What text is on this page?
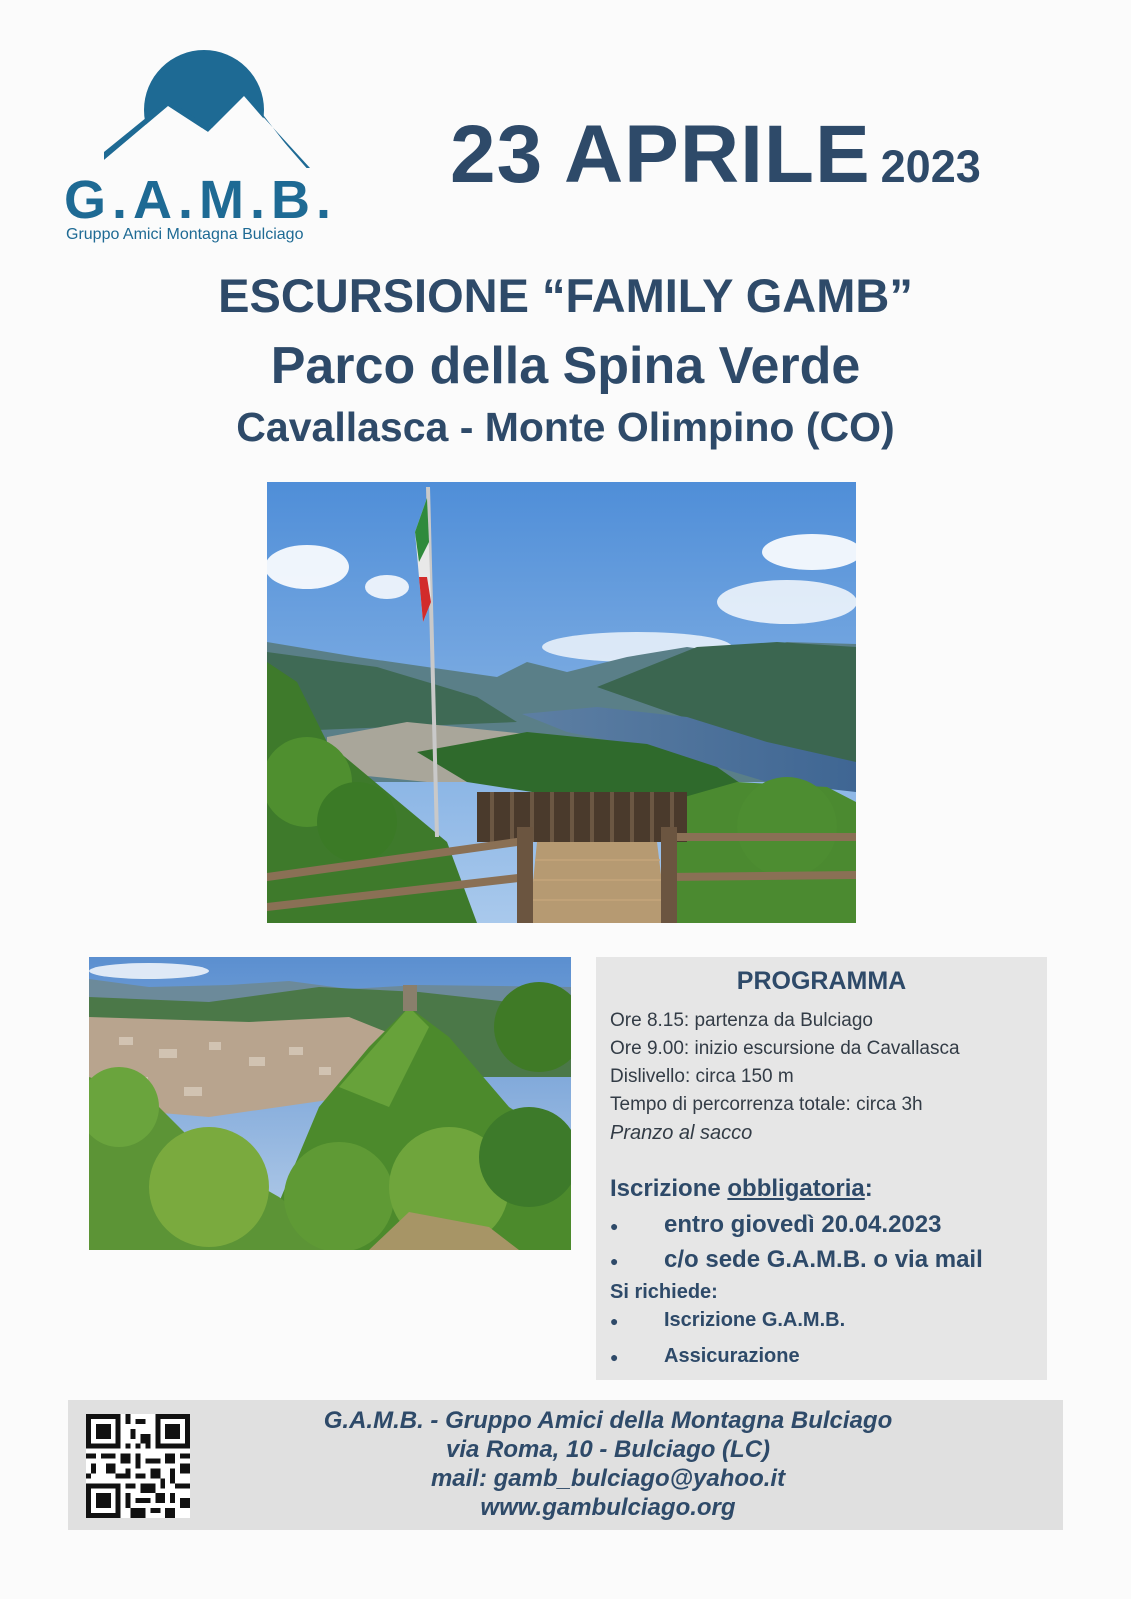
G.A.M.B.
Gruppo Amici Montagna Bulciago
23 APRILE 2023
ESCURSIONE “FAMILY GAMB”
Parco della Spina Verde
Cavallasca - Monte Olimpino (CO)
PROGRAMMA
Ore 8.15: partenza da Bulciago
Ore 9.00: inizio escursione da Cavallasca
Dislivello: circa 150 m
Tempo di percorrenza totale: circa 3h
Pranzo al sacco
Iscrizione obbligatoria:
● entro giovedì 20.04.2023
● c/o sede G.A.M.B. o via mail
Si richiede:
● Iscrizione G.A.M.B.
● Assicurazione
G.A.M.B. - Gruppo Amici della Montagna Bulciago
via Roma, 10 - Bulciago (LC)
mail: gamb_bulciago@yahoo.it
www.gambulciago.org
